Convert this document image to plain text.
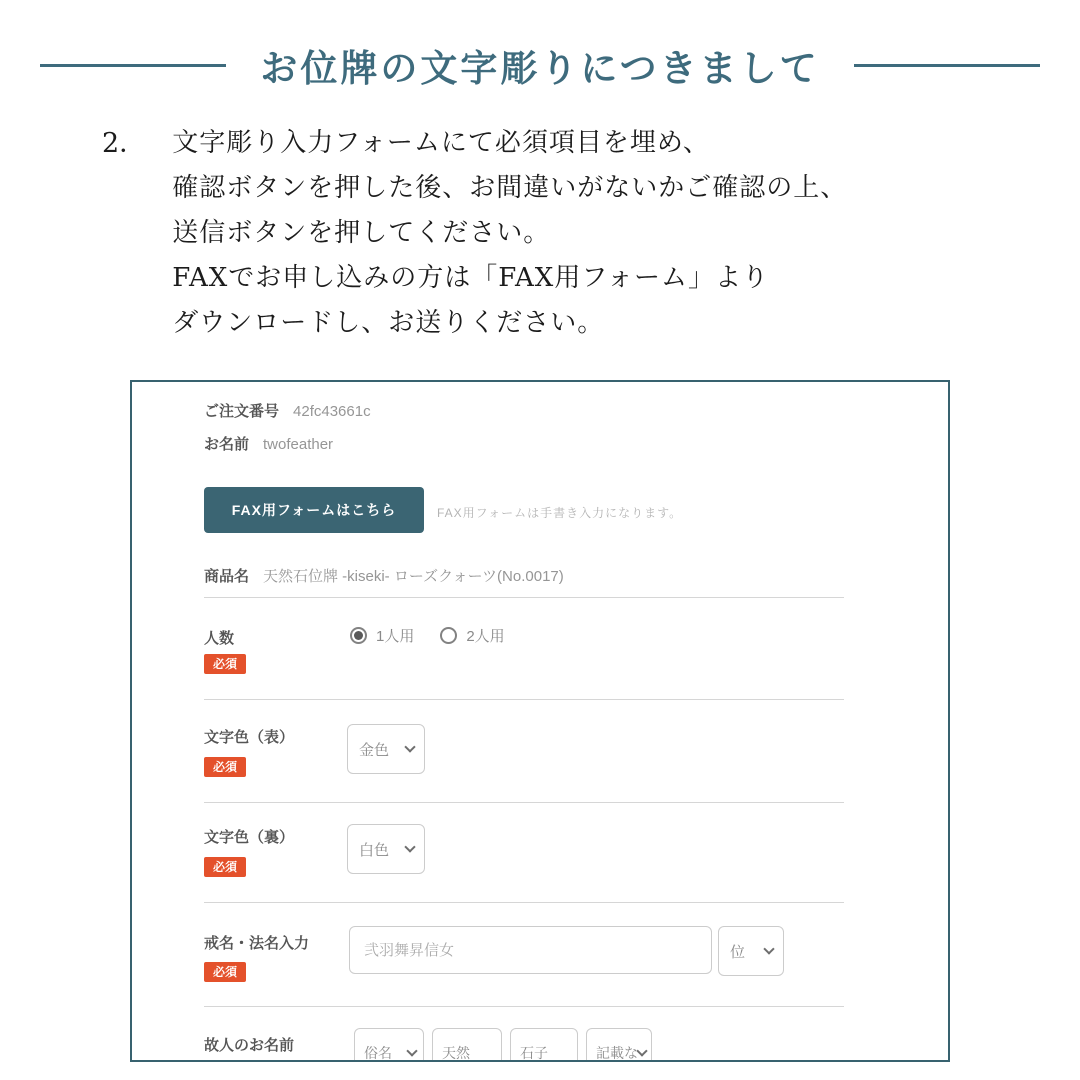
お位牌の文字彫りにつきまして
2． 文字彫り入力フォームにて必須項目を埋め、
確認ボタンを押した後、お間違いがないかご確認の上、
送信ボタンを押してください。
FAXでお申し込みの方は「FAX用フォーム」より
ダウンロードし、お送りください。
ご注文番号 42fc43661c
お名前 twofeather
FAX用フォームはこちら	FAX用フォームは手書き入力になります。
商品名 天然石位牌 -kiseki- ローズクォーツ(No.0017)
人数
必須
1人用	2人用
文字色（表）
必須
金色
文字色（裏）
必須
白色
戒名・法名入力
必須
弐羽舞昇信女
位
故人のお名前	俗名	天然	石子	記載な
